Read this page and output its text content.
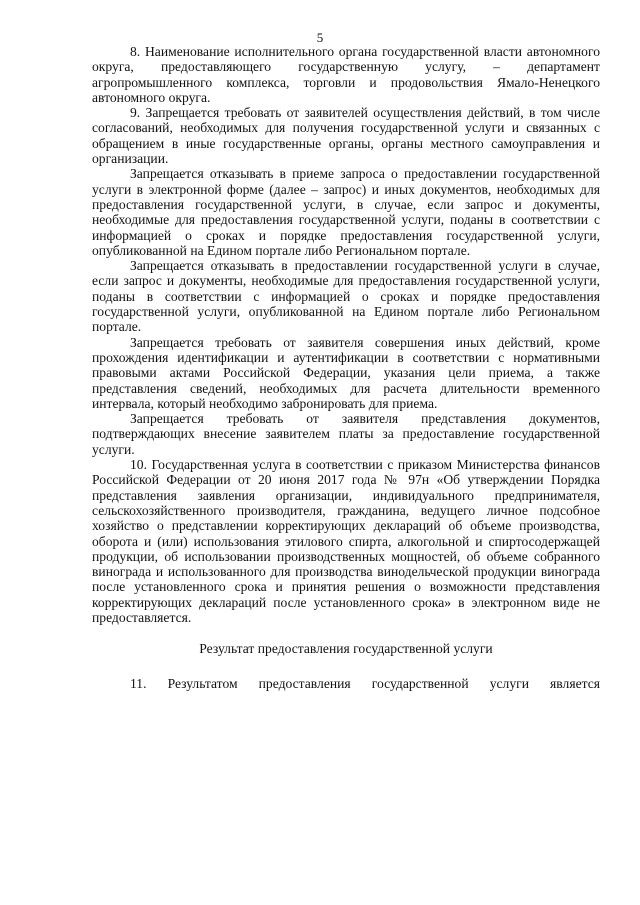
5

8. Наименование исполнительного органа государственной власти автономного округа, предоставляющего государственную услугу, – департамент агропромышленного комплекса, торговли и продовольствия Ямало-Ненецкого автономного округа.

9. Запрещается требовать от заявителей осуществления действий, в том числе согласований, необходимых для получения государственной услуги и связанных с обращением в иные государственные органы, органы местного самоуправления и организации.

Запрещается отказывать в приеме запроса о предоставлении государственной услуги в электронной форме (далее – запрос) и иных документов, необходимых для предоставления государственной услуги, в случае, если запрос и документы, необходимые для предоставления государственной услуги, поданы в соответствии с информацией о сроках и порядке предоставления государственной услуги, опубликованной на Едином портале либо Региональном портале.

Запрещается отказывать в предоставлении государственной услуги в случае, если запрос и документы, необходимые для предоставления государственной услуги, поданы в соответствии с информацией о сроках и порядке предоставления государственной услуги, опубликованной на Едином портале либо Региональном портале.

Запрещается требовать от заявителя совершения иных действий, кроме прохождения идентификации и аутентификации в соответствии с нормативными правовыми актами Российской Федерации, указания цели приема, а также представления сведений, необходимых для расчета длительности временного интервала, который необходимо забронировать для приема.

Запрещается требовать от заявителя представления документов, подтверждающих внесение заявителем платы за предоставление государственной услуги.

10. Государственная услуга в соответствии с приказом Министерства финансов Российской Федерации от 20 июня 2017 года № 97н «Об утверждении Порядка представления заявления организации, индивидуального предпринимателя, сельскохозяйственного производителя, гражданина, ведущего личное подсобное хозяйство о представлении корректирующих деклараций об объеме производства, оборота и (или) использования этилового спирта, алкогольной и спиртосодержащей продукции, об использовании производственных мощностей, об объеме собранного винограда и использованного для производства винодельческой продукции винограда после установленного срока и принятия решения о возможности представления корректирующих деклараций после установленного срока» в электронном виде не предоставляется.

Результат предоставления государственной услуги

11. Результатом предоставления государственной услуги является
